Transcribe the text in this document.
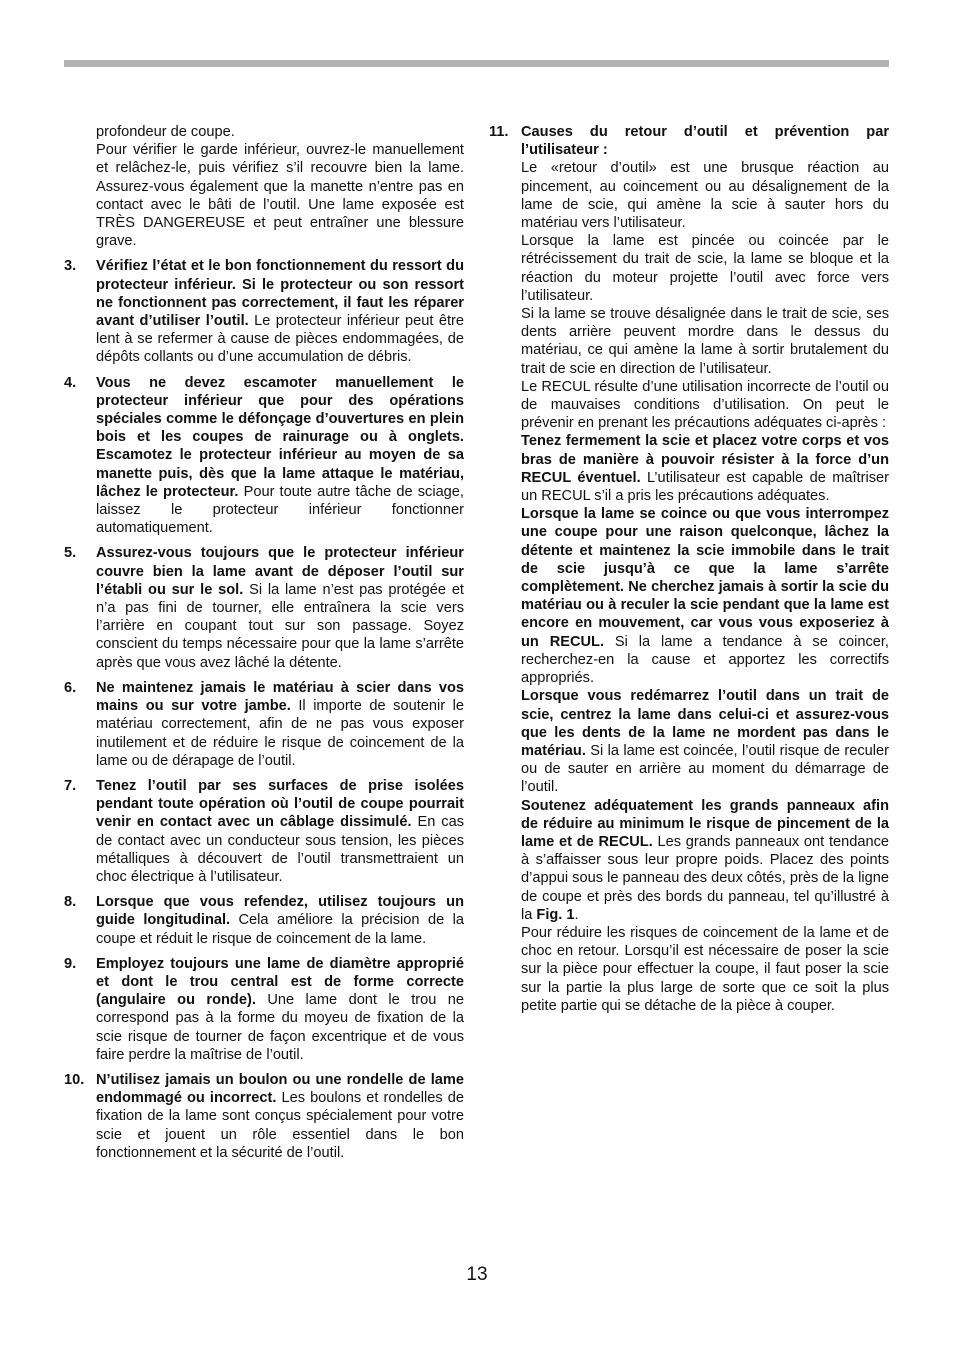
profondeur de coupe.

Pour vérifier le garde inférieur, ouvrez-le manuellement et relâchez-le, puis vérifiez s’il recouvre bien la lame. Assurez-vous également que la manette n’entre pas en contact avec le bâti de l’outil. Une lame exposée est TRÈS DANGEREUSE et peut entraîner une blessure grave.

3. Vérifiez l’état et le bon fonctionnement du ressort du protecteur inférieur. Si le protecteur ou son ressort ne fonctionnent pas correctement, il faut les réparer avant d’utiliser l’outil. Le protecteur inférieur peut être lent à se refermer à cause de pièces endommagées, de dépôts collants ou d’une accumulation de débris.

4. Vous ne devez escamoter manuellement le protecteur inférieur que pour des opérations spéciales comme le défonçage d’ouvertures en plein bois et les coupes de rainurage ou à onglets. Escamotez le protecteur inférieur au moyen de sa manette puis, dès que la lame attaque le matériau, lâchez le protecteur. Pour toute autre tâche de sciage, laissez le protecteur inférieur fonctionner automatiquement.

5. Assurez-vous toujours que le protecteur inférieur couvre bien la lame avant de déposer l’outil sur l’établi ou sur le sol. Si la lame n’est pas protégée et n’a pas fini de tourner, elle entraînera la scie vers l’arrière en coupant tout sur son passage. Soyez conscient du temps nécessaire pour que la lame s’arrête après que vous avez lâché la détente.

6. Ne maintenez jamais le matériau à scier dans vos mains ou sur votre jambe. Il importe de soutenir le matériau correctement, afin de ne pas vous exposer inutilement et de réduire le risque de coincement de la lame ou de dérapage de l’outil.

7. Tenez l’outil par ses surfaces de prise isolées pendant toute opération où l’outil de coupe pourrait venir en contact avec un câblage dissimulé. En cas de contact avec un conducteur sous tension, les pièces métalliques à découvert de l’outil transmettraient un choc électrique à l’utilisateur.

8. Lorsque que vous refendez, utilisez toujours un guide longitudinal. Cela améliore la précision de la coupe et réduit le risque de coincement de la lame.

9. Employez toujours une lame de diamètre approprié et dont le trou central est de forme correcte (angulaire ou ronde). Une lame dont le trou ne correspond pas à la forme du moyeu de fixation de la scie risque de tourner de façon excentrique et de vous faire perdre la maîtrise de l’outil.

10. N’utilisez jamais un boulon ou une rondelle de lame endommagé ou incorrect. Les boulons et rondelles de fixation de la lame sont conçus spécialement pour votre scie et jouent un rôle essentiel dans le bon fonctionnement et la sécurité de l’outil.

11. Causes du retour d’outil et prévention par l’utilisateur :

Le «retour d’outil» est une brusque réaction au pincement, au coincement ou au désalignement de la lame de scie, qui amène la scie à sauter hors du matériau vers l’utilisateur.

Lorsque la lame est pincée ou coincée par le rétrécissement du trait de scie, la lame se bloque et la réaction du moteur projette l’outil avec force vers l’utilisateur.

Si la lame se trouve désalignée dans le trait de scie, ses dents arrière peuvent mordre dans le dessus du matériau, ce qui amène la lame à sortir brutalement du trait de scie en direction de l’utilisateur.

Le RECUL résulte d’une utilisation incorrecte de l’outil ou de mauvaises conditions d’utilisation. On peut le prévenir en prenant les précautions adéquates ci-après :

Tenez fermement la scie et placez votre corps et vos bras de manière à pouvoir résister à la force d’un RECUL éventuel. L’utilisateur est capable de maîtriser un RECUL s’il a pris les précautions adéquates.

Lorsque la lame se coince ou que vous interrompez une coupe pour une raison quelconque, lâchez la détente et maintenez la scie immobile dans le trait de scie jusqu’à ce que la lame s’arrête complètement. Ne cherchez jamais à sortir la scie du matériau ou à reculer la scie pendant que la lame est encore en mouvement, car vous vous exposeriez à un RECUL. Si la lame a tendance à se coincer, recherchez-en la cause et apportez les correctifs appropriés.

Lorsque vous redémarrez l’outil dans un trait de scie, centrez la lame dans celui-ci et assurez-vous que les dents de la lame ne mordent pas dans le matériau. Si la lame est coincée, l’outil risque de reculer ou de sauter en arrière au moment du démarrage de l’outil.

Soutenez adéquatement les grands panneaux afin de réduire au minimum le risque de pincement de la lame et de RECUL. Les grands panneaux ont tendance à s’affaisser sous leur propre poids. Placez des points d’appui sous le panneau des deux côtés, près de la ligne de coupe et près des bords du panneau, tel qu’illustré à la Fig. 1.

Pour réduire les risques de coincement de la lame et de choc en retour. Lorsqu’il est nécessaire de poser la scie sur la pièce pour effectuer la coupe, il faut poser la scie sur la partie la plus large de sorte que ce soit la plus petite partie qui se détache de la pièce à couper.

13
